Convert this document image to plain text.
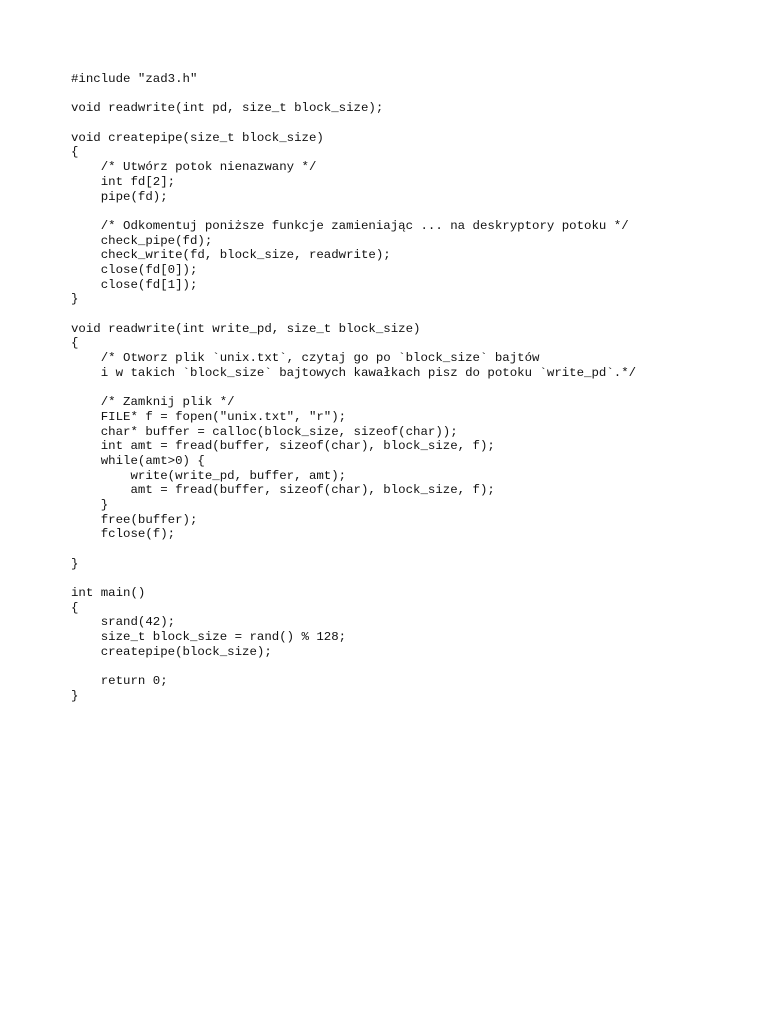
#include "zad3.h"
void readwrite(int pd, size_t block_size);
void createpipe(size_t block_size)
{
/* Utwórz potok nienazwany */
int fd[2];
pipe(fd);
/* Odkomentuj poniższe funkcje zamieniając ... na deskryptory potoku */
check_pipe(fd);
check_write(fd, block_size, readwrite);
close(fd[0]);
close(fd[1]);
}
void readwrite(int write_pd, size_t block_size)
{
/* Otworz plik `unix.txt`, czytaj go po `block_size` bajtów
i w takich `block_size` bajtowych kawałkach pisz do potoku `write_pd`.*/
/* Zamknij plik */
FILE* f = fopen("unix.txt", "r");
char* buffer = calloc(block_size, sizeof(char));
int amt = fread(buffer, sizeof(char), block_size, f);
while(amt>0) {
write(write_pd, buffer, amt);
amt = fread(buffer, sizeof(char), block_size, f);
}
free(buffer);
fclose(f);
}
int main()
{
srand(42);
size_t block_size = rand() % 128;
createpipe(block_size);
return 0;
}
